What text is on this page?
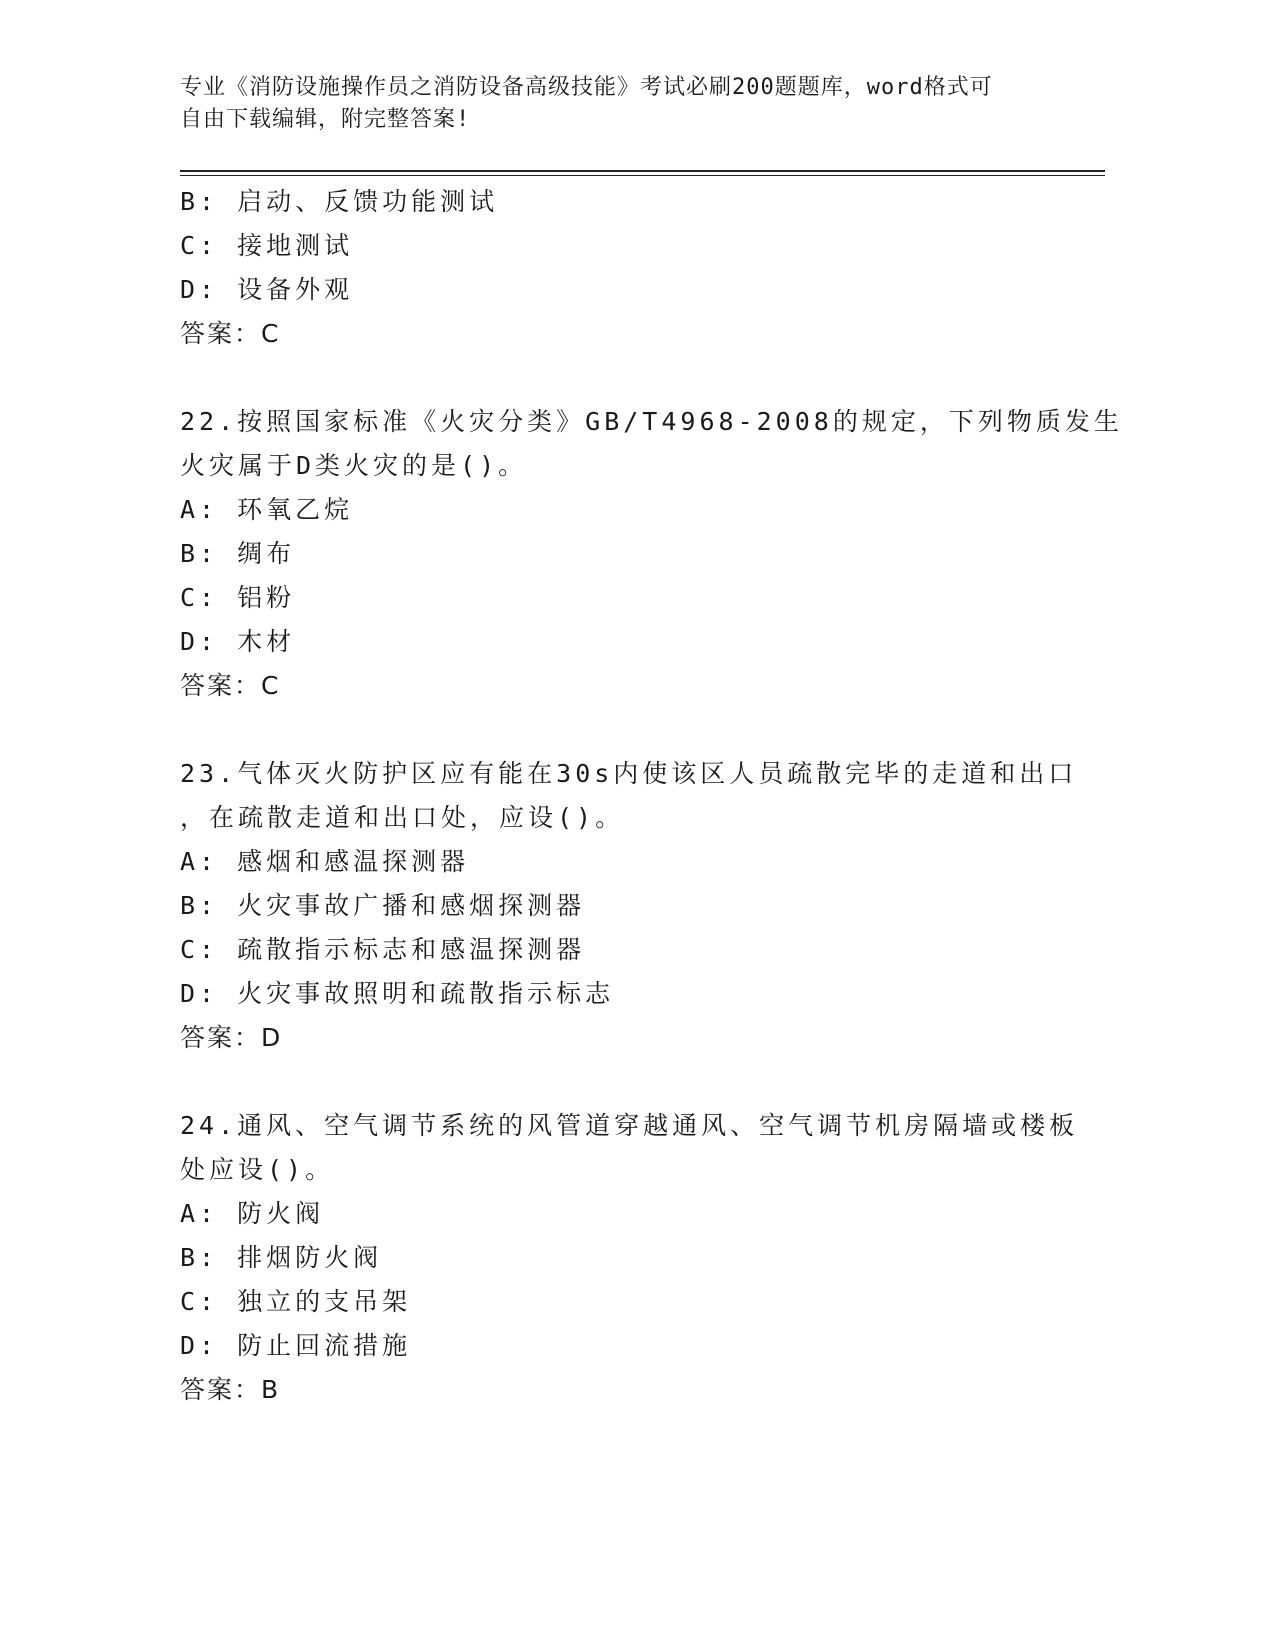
专业《消防设施操作员之消防设备高级技能》考试必刷200题题库，word格式可
自由下载编辑，附完整答案!
B: 启动、反馈功能测试
C: 接地测试
D: 设备外观
答案：C
22.按照国家标准《火灾分类》GB/T4968-2008的规定，下列物质发生
火灾属于D类火灾的是()。
A: 环氧乙烷
B: 绸布
C: 铝粉
D: 木材
答案：C
23.气体灭火防护区应有能在30s内使该区人员疏散完毕的走道和出口
，在疏散走道和出口处，应设()。
A: 感烟和感温探测器
B: 火灾事故广播和感烟探测器
C: 疏散指示标志和感温探测器
D: 火灾事故照明和疏散指示标志
答案：D
24.通风、空气调节系统的风管道穿越通风、空气调节机房隔墙或楼板
处应设()。
A: 防火阀
B: 排烟防火阀
C: 独立的支吊架
D: 防止回流措施
答案：B
